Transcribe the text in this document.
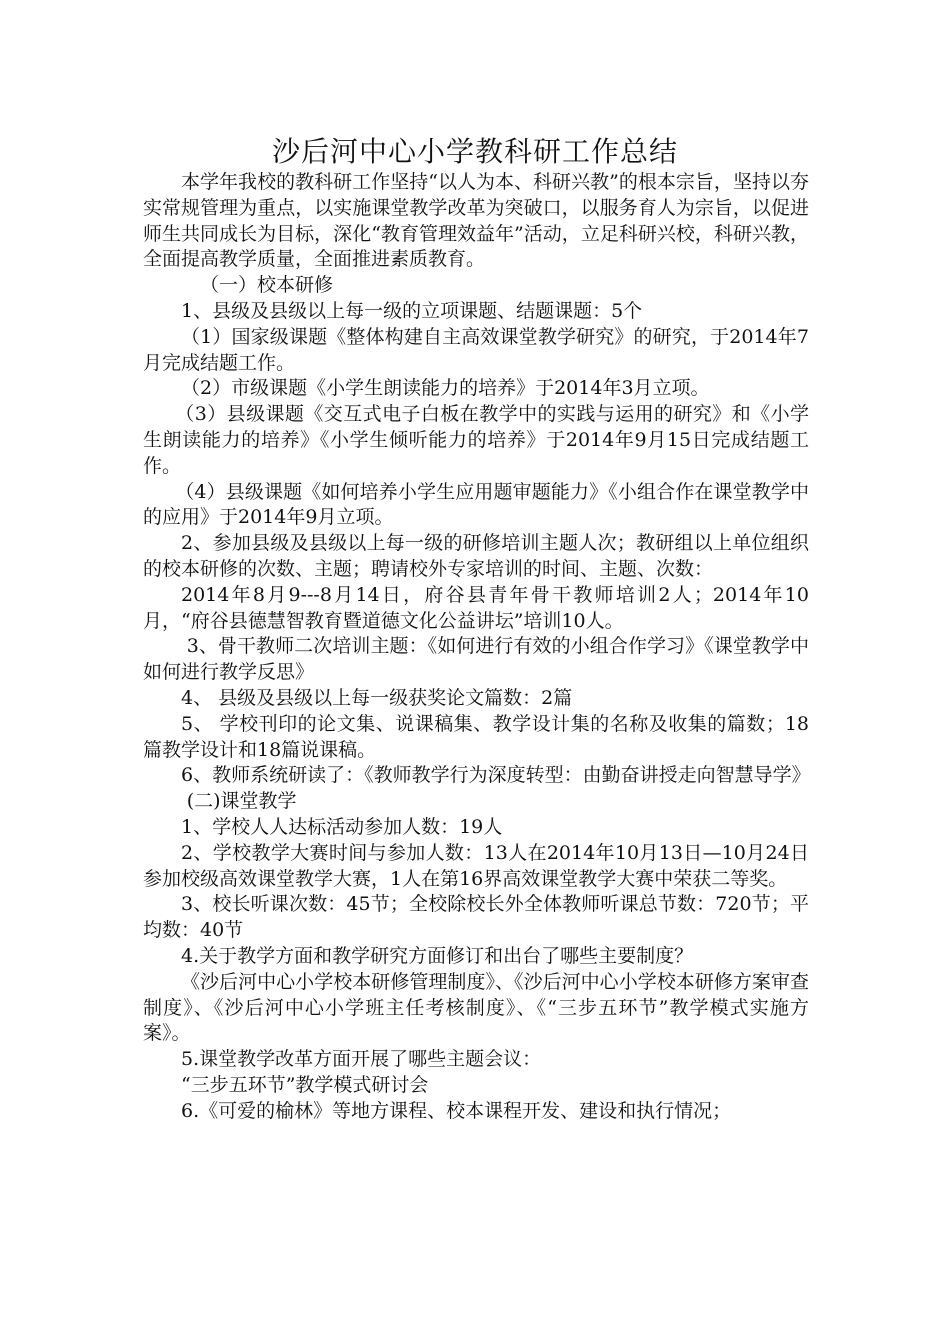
沙后河中心小学教科研工作总结

本学年我校的教科研工作坚持“以人为本、科研兴教”的根本宗旨，坚持以夯实常规管理为重点，以实施课堂教学改革为突破口，以服务育人为宗旨，以促进师生共同成长为目标，深化“教育管理效益年”活动，立足科研兴校，科研兴教，全面提高教学质量，全面推进素质教育。

（一）校本研修

1、县级及县级以上每一级的立项课题、结题课题：5个

（1）国家级课题《整体构建自主高效课堂教学研究》的研究，于2014年7月完成结题工作。

（2）市级课题《小学生朗读能力的培养》于2014年3月立项。

（3）县级课题《交互式电子白板在教学中的实践与运用的研究》和《小学生朗读能力的培养》《小学生倾听能力的培养》于2014年9月15日完成结题工作。

（4）县级课题《如何培养小学生应用题审题能力》《小组合作在课堂教学中的应用》于2014年9月立项。

2、参加县级及县级以上每一级的研修培训主题人次；教研组以上单位组织的校本研修的次数、主题；聘请校外专家培训的时间、主题、次数：

2014年8月9---8月14日，府谷县青年骨干教师培训2人；2014年10月，“府谷县德慧智教育暨道德文化公益讲坛”培训10人。

3、骨干教师二次培训主题：《如何进行有效的小组合作学习》《课堂教学中如何进行教学反思》

4、 县级及县级以上每一级获奖论文篇数：2篇

5、 学校刊印的论文集、说课稿集、教学设计集的名称及收集的篇数；18篇教学设计和18篇说课稿。

6、教师系统研读了：《教师教学行为深度转型：由勤奋讲授走向智慧导学》

(二)课堂教学

1、学校人人达标活动参加人数：19人

2、学校教学大赛时间与参加人数：13人在2014年10月13日—10月24日参加校级高效课堂教学大赛，1人在第16界高效课堂教学大赛中荣获二等奖。

3、校长听课次数：45节；全校除校长外全体教师听课总节数：720节；平均数：40节

4.关于教学方面和教学研究方面修订和出台了哪些主要制度？

《沙后河中心小学校本研修管理制度》、《沙后河中心小学校本研修方案审查制度》、《沙后河中心小学班主任考核制度》、《“三步五环节”教学模式实施方案》。

5.课堂教学改革方面开展了哪些主题会议：

“三步五环节”教学模式研讨会

6.《可爱的榆林》等地方课程、校本课程开发、建设和执行情况；
